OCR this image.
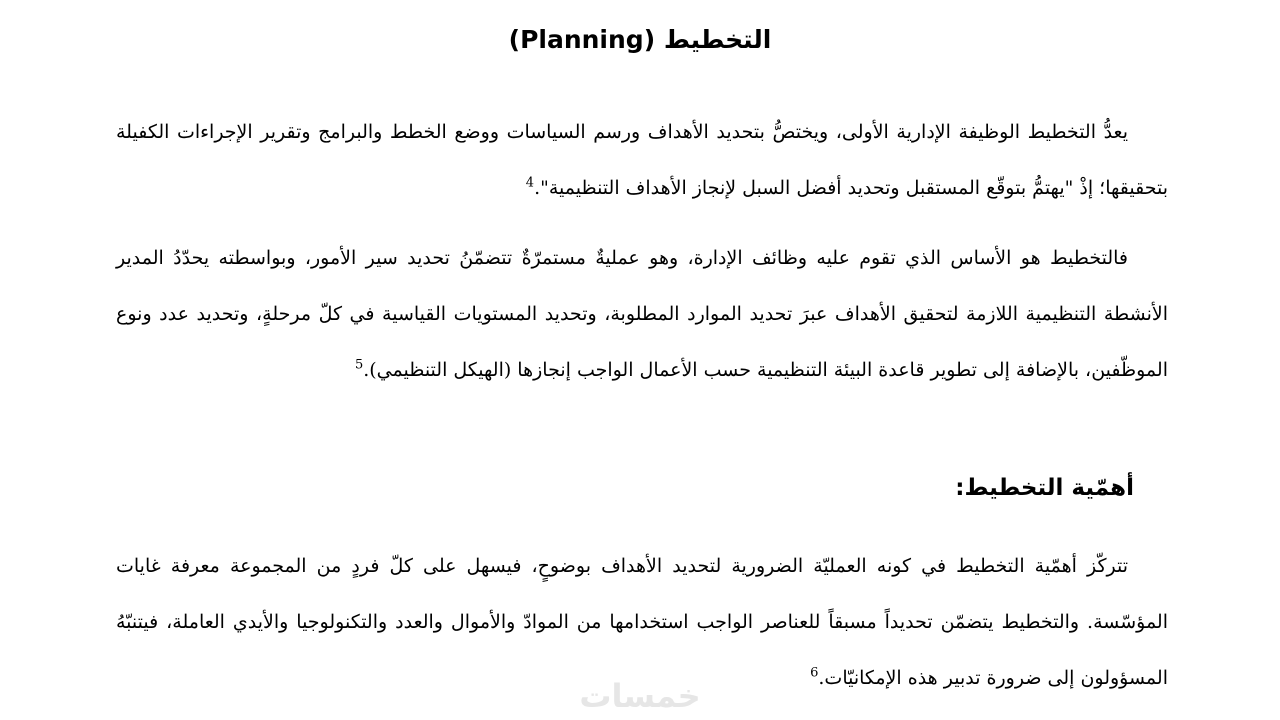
التخطيط (Planning)

يعدُّ التخطيط الوظيفة الإدارية الأولى، ويختصُّ بتحديد الأهداف ورسم السياسات ووضع الخطط والبرامج وتقرير الإجراءات الكفيلة بتحقيقها؛ إذْ "يهتمُّ بتوقّع المستقبل وتحديد أفضل السبل لإنجاز الأهداف التنظيمية".$^4$

فالتخطيط هو الأساس الذي تقوم عليه وظائف الإدارة، وهو عمليةٌ مستمرّةٌ تتضمّنُ تحديد سير الأمور، وبواسطته يحدّدُ المدير الأنشطة التنظيمية اللازمة لتحقيق الأهداف عبرَ تحديد الموارد المطلوبة، وتحديد المستويات القياسية في كلّ مرحلةٍ، وتحديد عدد ونوع الموظّفين، بالإضافة إلى تطوير قاعدة البيئة التنظيمية حسب الأعمال الواجب إنجازها (الهيكل التنظيمي).$^5$

أهمّية التخطيط:

تتركّز أهمّية التخطيط في كونه العمليّة الضرورية لتحديد الأهداف بوضوحٍ، فيسهل على كلّ فردٍ من المجموعة معرفة غايات المؤسّسة. والتخطيط يتضمّن تحديداً مسبقاً للعناصر الواجب استخدامها من الموادّ والأموال والعدد والتكنولوجيا والأيدي العاملة، فيتنبّهُ المسؤولون إلى ضرورة تدبير هذه الإمكانيّات.$^6$

خمسات
